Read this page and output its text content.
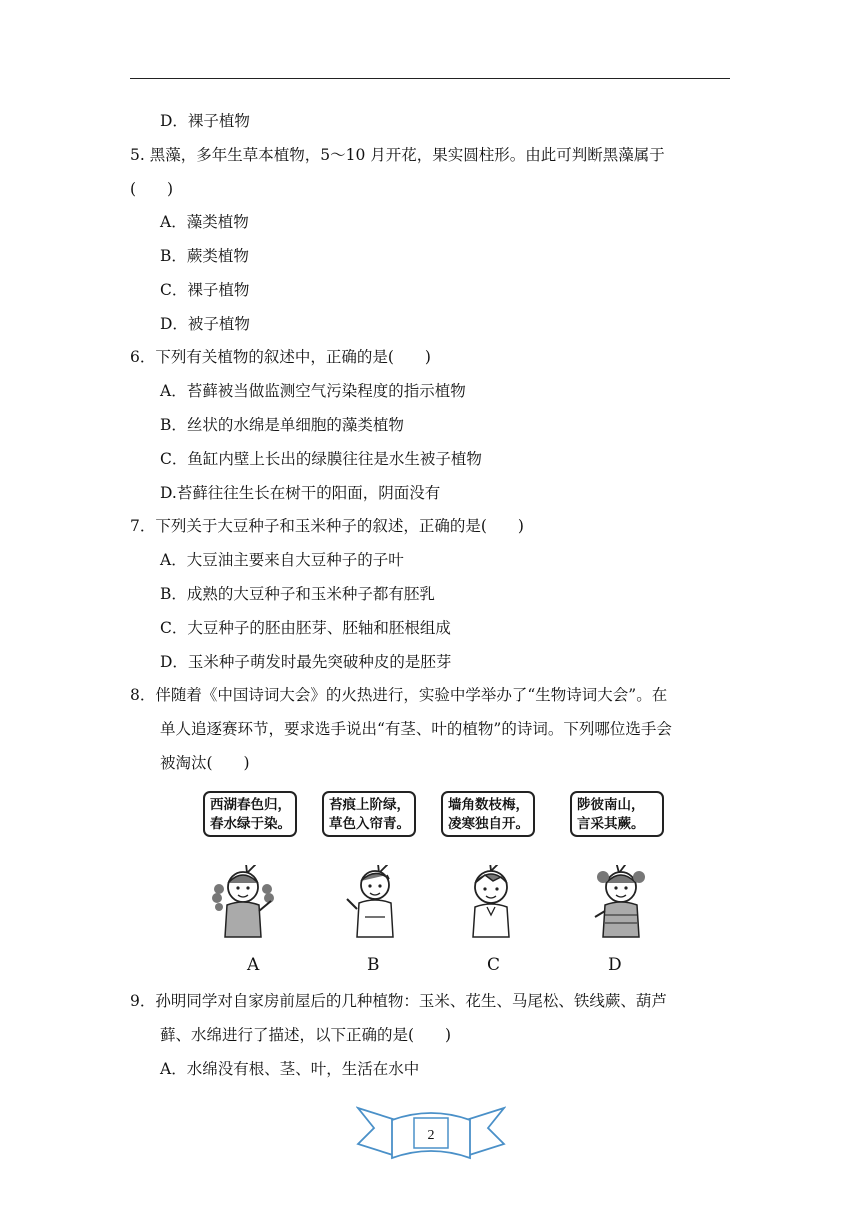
D．裸子植物
5. 黑藻，多年生草本植物，5～10 月开花，果实圆柱形。由此可判断黑藻属于
(　　)
A．藻类植物
B．蕨类植物
C．裸子植物
D．被子植物
6．下列有关植物的叙述中，正确的是(　　)
A．苔藓被当做监测空气污染程度的指示植物
B．丝状的水绵是单细胞的藻类植物
C．鱼缸内壁上长出的绿膜往往是水生被子植物
D.苔藓往往生长在树干的阳面，阴面没有
7．下列关于大豆种子和玉米种子的叙述，正确的是(　　)
A．大豆油主要来自大豆种子的子叶
B．成熟的大豆种子和玉米种子都有胚乳
C．大豆种子的胚由胚芽、胚轴和胚根组成
D．玉米种子萌发时最先突破种皮的是胚芽
8．伴随着《中国诗词大会》的火热进行，实验中学举办了“生物诗词大会”。在
单人追逐赛环节，要求选手说出“有茎、叶的植物”的诗词。下列哪位选手会
被淘汰(　　)
西湖春色归，
春水绿于染。
A
苔痕上阶绿，
草色入帘青。
B
墙角数枝梅，
凌寒独自开。
C
陟彼南山，
言采其蕨。
D
9．孙明同学对自家房前屋后的几种植物：玉米、花生、马尾松、铁线蕨、葫芦
藓、水绵进行了描述，以下正确的是(　　)
A．水绵没有根、茎、叶，生活在水中
2
